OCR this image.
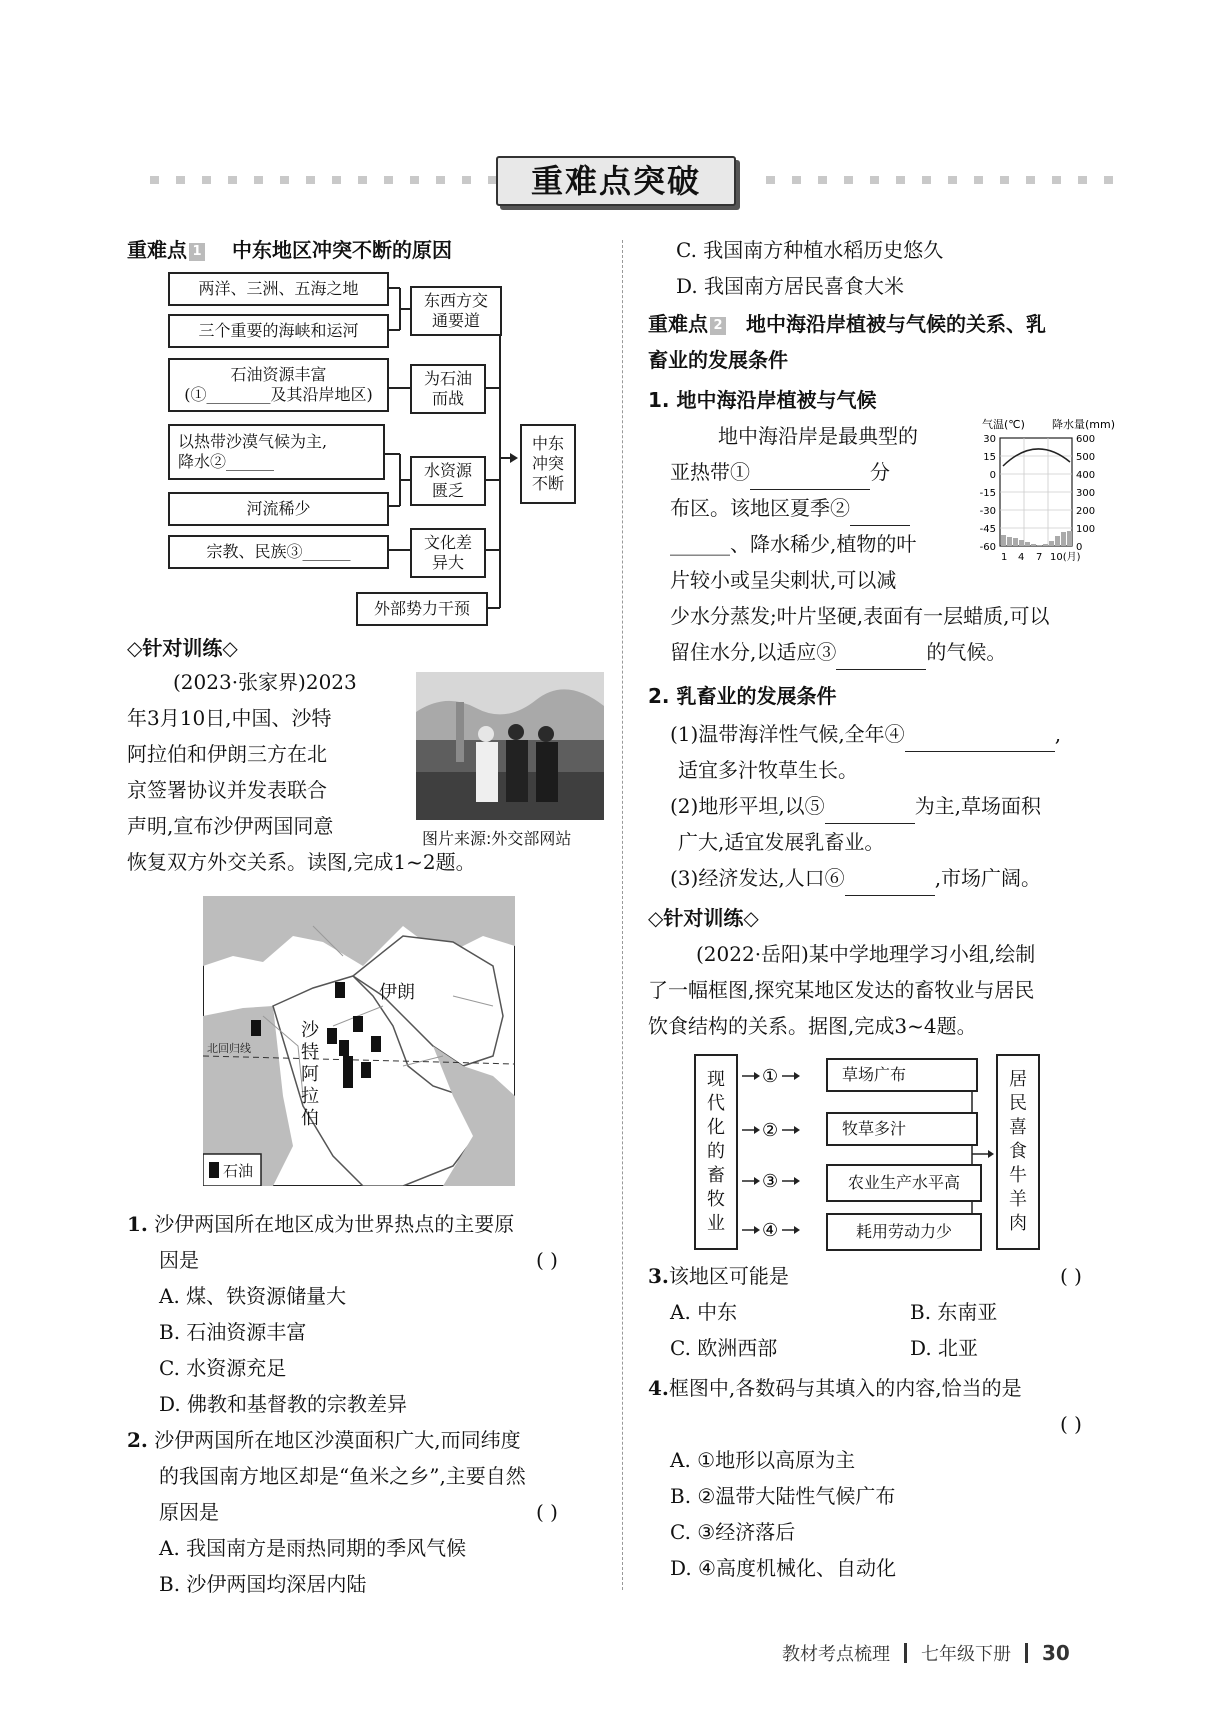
重难点突破
重难点 1 中东地区冲突不断的原因
两洋、三洲、五海之地
三个重要的海峡和运河
石油资源丰富
(①________及其沿岸地区)
以热带沙漠气候为主,
降水②______
河流稀少
宗教、民族③______
外部势力干预
东西方交通要道
为石油而战
水资源匮乏
文化差异大
中东冲突不断
◇针对训练◇
(2023·张家界)2023
年3月10日,中国、沙特
阿拉伯和伊朗三方在北
京签署协议并发表联合
声明,宣布沙伊两国同意
恢复双方外交关系。读图,完成1~2题。
图片来源:外交部网站
北回归线
伊朗
沙特阿拉伯
石油
1. 沙伊两国所在地区成为世界热点的主要原
因是
A. 煤、铁资源储量大
B. 石油资源丰富
C. 水资源充足
D. 佛教和基督教的宗教差异
( )
2. 沙伊两国所在地区沙漠面积广大,而同纬度
的我国南方地区却是“鱼米之乡”,主要自然
原因是
A. 我国南方是雨热同期的季风气候
B. 沙伊两国均深居内陆
( )
C. 我国南方种植水稻历史悠久
D. 我国南方居民喜食大米
重难点 2 地中海沿岸植被与气候的关系、乳
畜业的发展条件
1. 地中海沿岸植被与气候
地中海沿岸是最典型的
亚热带①	分
布区。该地区夏季②
______、降水稀少,植物的叶
片较小或呈尖刺状,可以减
少水分蒸发;叶片坚硬,表面有一层蜡质,可以
留住水分,以适应③	的气候。
气温(℃) 降水量(mm)
30
15
0
-15
-30
-45
-60
600
500
400
300
200
100
0
1 4 7 10(月)
2. 乳畜业的发展条件
(1)温带海洋性气候,全年④	,
适宜多汁牧草生长。
(2)地形平坦,以⑤	为主,草场面积
广大,适宜发展乳畜业。
(3)经济发达,人口⑥	,市场广阔。
◇针对训练◇
(2022·岳阳)某中学地理学习小组,绘制
了一幅框图,探究某地区发达的畜牧业与居民
饮食结构的关系。据图,完成3~4题。
①
②
③
④
现代化的畜牧业
草场广布
牧草多汁
农业生产水平高
耗用劳动力少
居民喜食牛羊肉
3.该地区可能是
A. 中东	B. 东南亚
C. 欧洲西部	D. 北亚
( )
4.框图中,各数码与其填入的内容,恰当的是
A. ①地形以高原为主
B. ②温带大陆性气候广布
C. ③经济落后
D. ④高度机械化、自动化
( )
教材考点梳理 七年级下册 30
